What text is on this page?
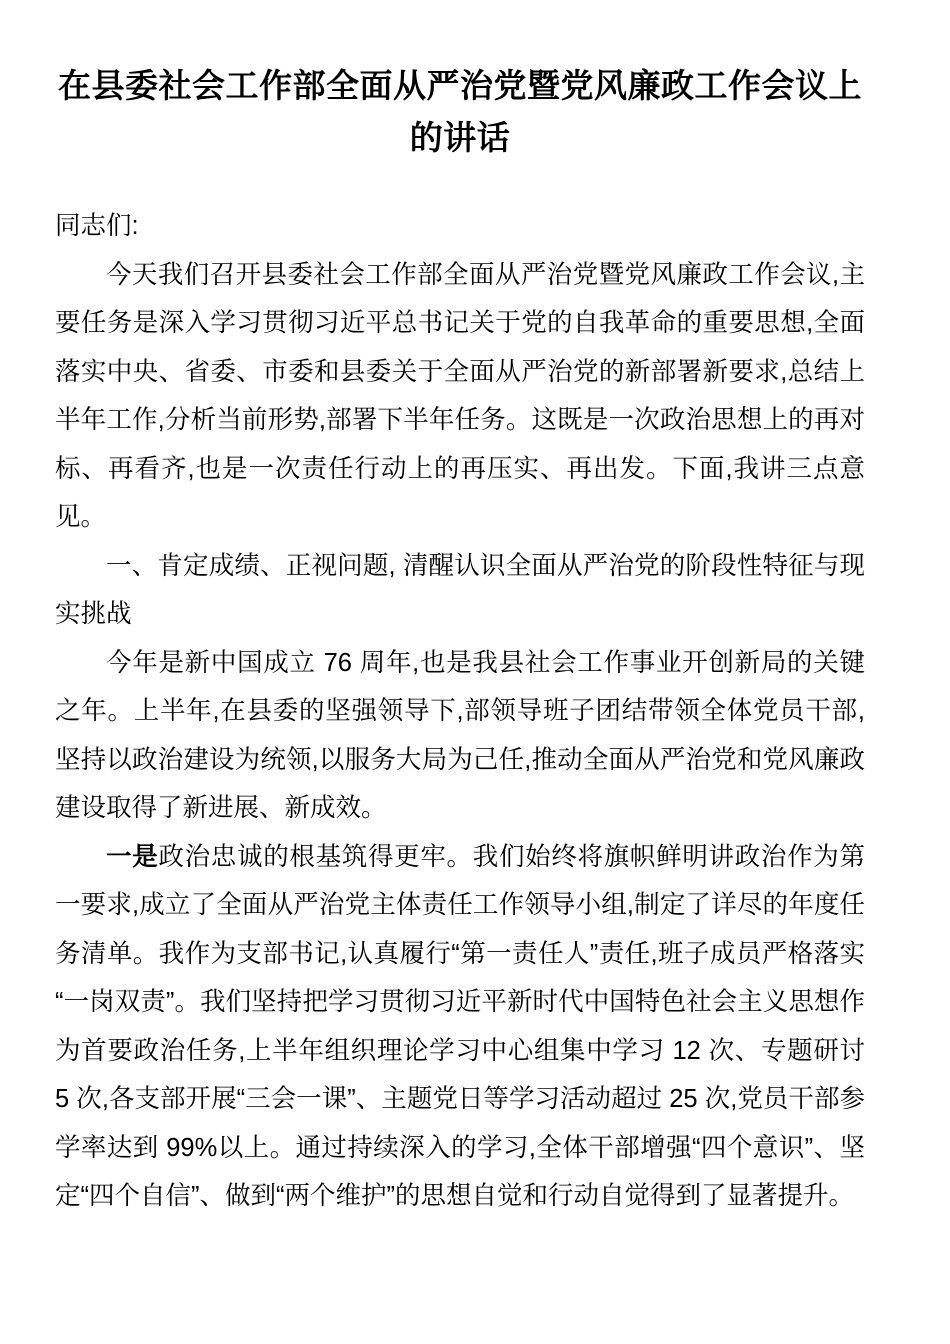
在县委社会工作部全面从严治党暨党风廉政工作会议上的讲话

同志们:

今天我们召开县委社会工作部全面从严治党暨党风廉政工作会议,主要任务是深入学习贯彻习近平总书记关于党的自我革命的重要思想,全面落实中央、省委、市委和县委关于全面从严治党的新部署新要求,总结上半年工作,分析当前形势,部署下半年任务。这既是一次政治思想上的再对标、再看齐,也是一次责任行动上的再压实、再出发。下面,我讲三点意见。

一、肯定成绩、正视问题, 清醒认识全面从严治党的阶段性特征与现实挑战

今年是新中国成立 76 周年,也是我县社会工作事业开创新局的关键之年。上半年,在县委的坚强领导下,部领导班子团结带领全体党员干部,坚持以政治建设为统领,以服务大局为己任,推动全面从严治党和党风廉政建设取得了新进展、新成效。

一是政治忠诚的根基筑得更牢。我们始终将旗帜鲜明讲政治作为第一要求,成立了全面从严治党主体责任工作领导小组,制定了详尽的年度任务清单。我作为支部书记,认真履行“第一责任人”责任,班子成员严格落实“一岗双责”。我们坚持把学习贯彻习近平新时代中国特色社会主义思想作为首要政治任务,上半年组织理论学习中心组集中学习 12 次、专题研讨 5 次,各支部开展“三会一课”、主题党日等学习活动超过 25 次,党员干部参学率达到 99%以上。通过持续深入的学习,全体干部增强“四个意识”、坚定“四个自信”、做到“两个维护”的思想自觉和行动自觉得到了显著提升。
